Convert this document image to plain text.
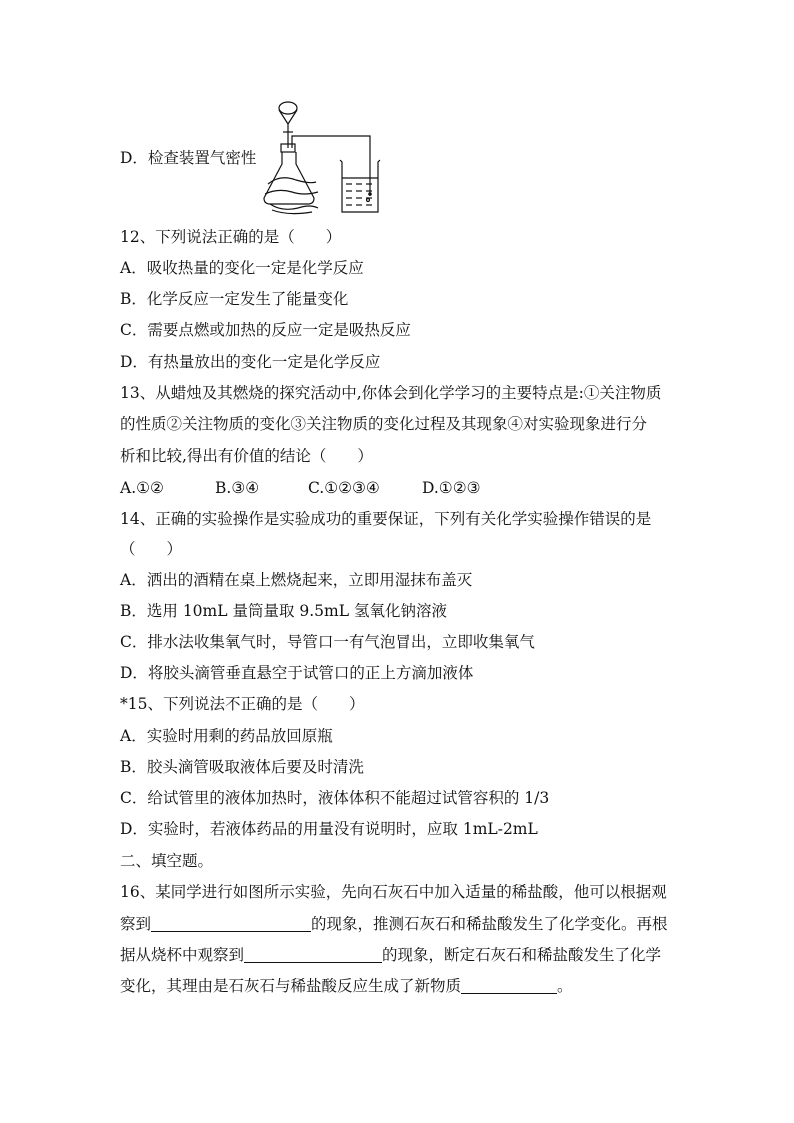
D．检查装置气密性
12、下列说法正确的是（　　）
A．吸收热量的变化一定是化学反应
B．化学反应一定发生了能量变化
C．需要点燃或加热的反应一定是吸热反应
D．有热量放出的变化一定是化学反应
13、从蜡烛及其燃烧的探究活动中,你体会到化学学习的主要特点是:①关注物质
的性质②关注物质的变化③关注物质的变化过程及其现象④对实验现象进行分
析和比较,得出有价值的结论（　　）
A.①②	B.③④	C.①②③④	D.①②③
14、正确的实验操作是实验成功的重要保证，下列有关化学实验操作错误的是
（　　）
A．洒出的酒精在桌上燃烧起来，立即用湿抹布盖灭
B．选用 10mL 量筒量取 9.5mL 氢氧化钠溶液
C．排水法收集氧气时，导管口一有气泡冒出，立即收集氧气
D．将胶头滴管垂直悬空于试管口的正上方滴加液体
*15、下列说法不正确的是（　　）
A．实验时用剩的药品放回原瓶
B．胶头滴管吸取液体后要及时清洗
C．给试管里的液体加热时，液体体积不能超过试管容积的 1/3
D．实验时，若液体药品的用量没有说明时，应取 1mL-2mL
二、填空题。
16、某同学进行如图所示实验，先向石灰石中加入适量的稀盐酸，他可以根据观
察到	的现象，推测石灰石和稀盐酸发生了化学变化。再根
据从烧杯中观察到	的现象，断定石灰石和稀盐酸发生了化学
变化，其理由是石灰石与稀盐酸反应生成了新物质	。
